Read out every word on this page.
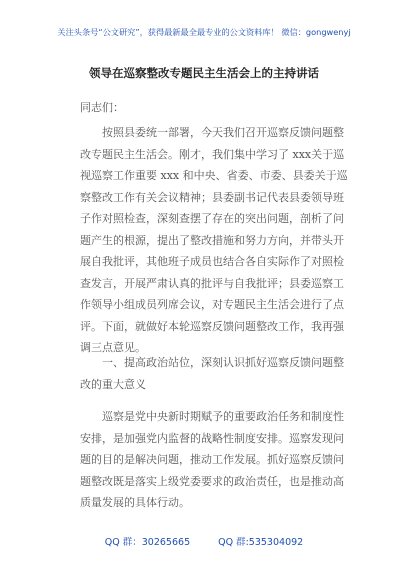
关注头条号“公文研究”，获得最新最全最专业的公文资料库！ 微信：gongwenyj
领导在巡察整改专题民主生活会上的主持讲话
同志们：
按照县委统一部署，今天我们召开巡察反馈问题整改专题民主生活会。刚才，我们集中学习了 xxx关于巡视巡察工作重要 xxx 和中央、省委、市委、县委关于巡察整改工作有关会议精神；县委副书记代表县委领导班子作对照检查，深刻查摆了存在的突出问题，剖析了问题产生的根源，提出了整改措施和努力方向，并带头开展自我批评，其他班子成员也结合各自实际作了对照检查发言，开展严肃认真的批评与自我批评；县委巡察工作领导小组成员列席会议，对专题民主生活会进行了点评。下面，就做好本轮巡察反馈问题整改工作，我再强调三点意见。
一、提高政治站位，深刻认识抓好巡察反馈问题整改的重大意义
巡察是党中央新时期赋予的重要政治任务和制度性安排，是加强党内监督的战略性制度安排。巡察发现问题的目的是解决问题，推动工作发展。抓好巡察反馈问题整改既是落实上级党委要求的政治责任，也是推动高质量发展的具体行动。
QQ 群：30265665	QQ 群:535304092
